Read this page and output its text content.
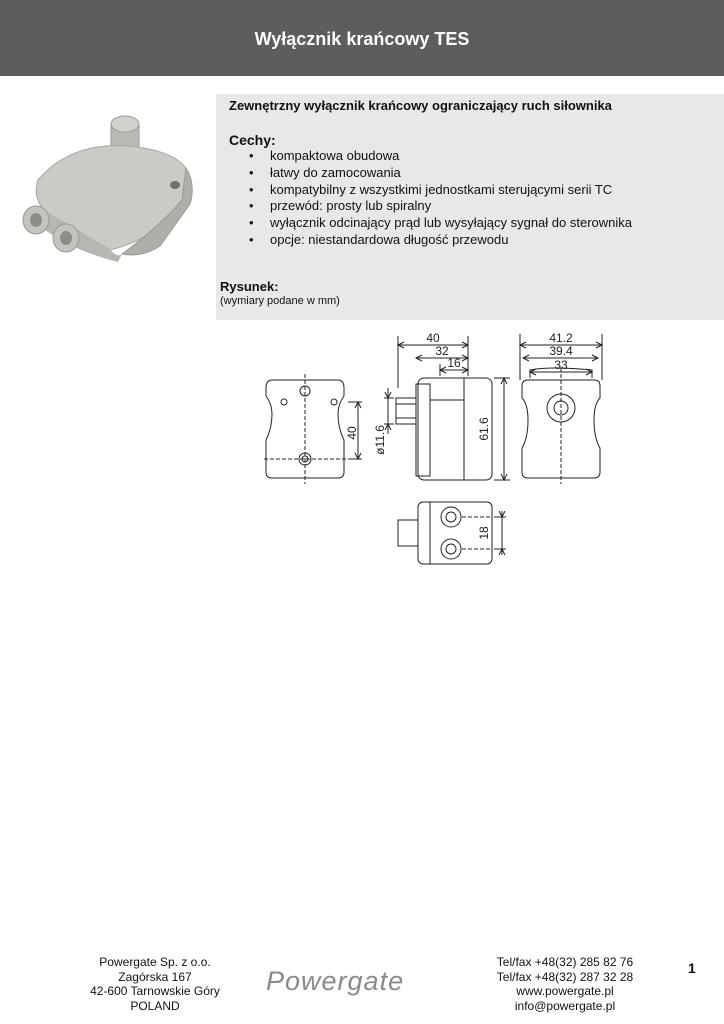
Wyłącznik krańcowy TES
Zewnętrzny wyłącznik krańcowy ograniczający ruch siłownika
Cechy:
• kompaktowa obudowa
• łatwy do zamocowania
• kompatybilny z wszystkimi jednostkami sterującymi serii TC
• przewód: prosty lub spiralny
• wyłącznik odcinający prąd lub wysyłający sygnał do sterownika
• opcje: niestandardowa długość przewodu
Rysunek:
(wymiary podane w mm)
40
40
32
16
ø11.6	61.6
41.2
39.4
33
18
Powergate Sp. z o.o.
Zagórska 167
42-600 Tarnowskie Góry
POLAND
Powergate
Tel/fax +48(32) 285 82 76
Tel/fax +48(32) 287 32 28
www.powergate.pl
info@powergate.pl
1
